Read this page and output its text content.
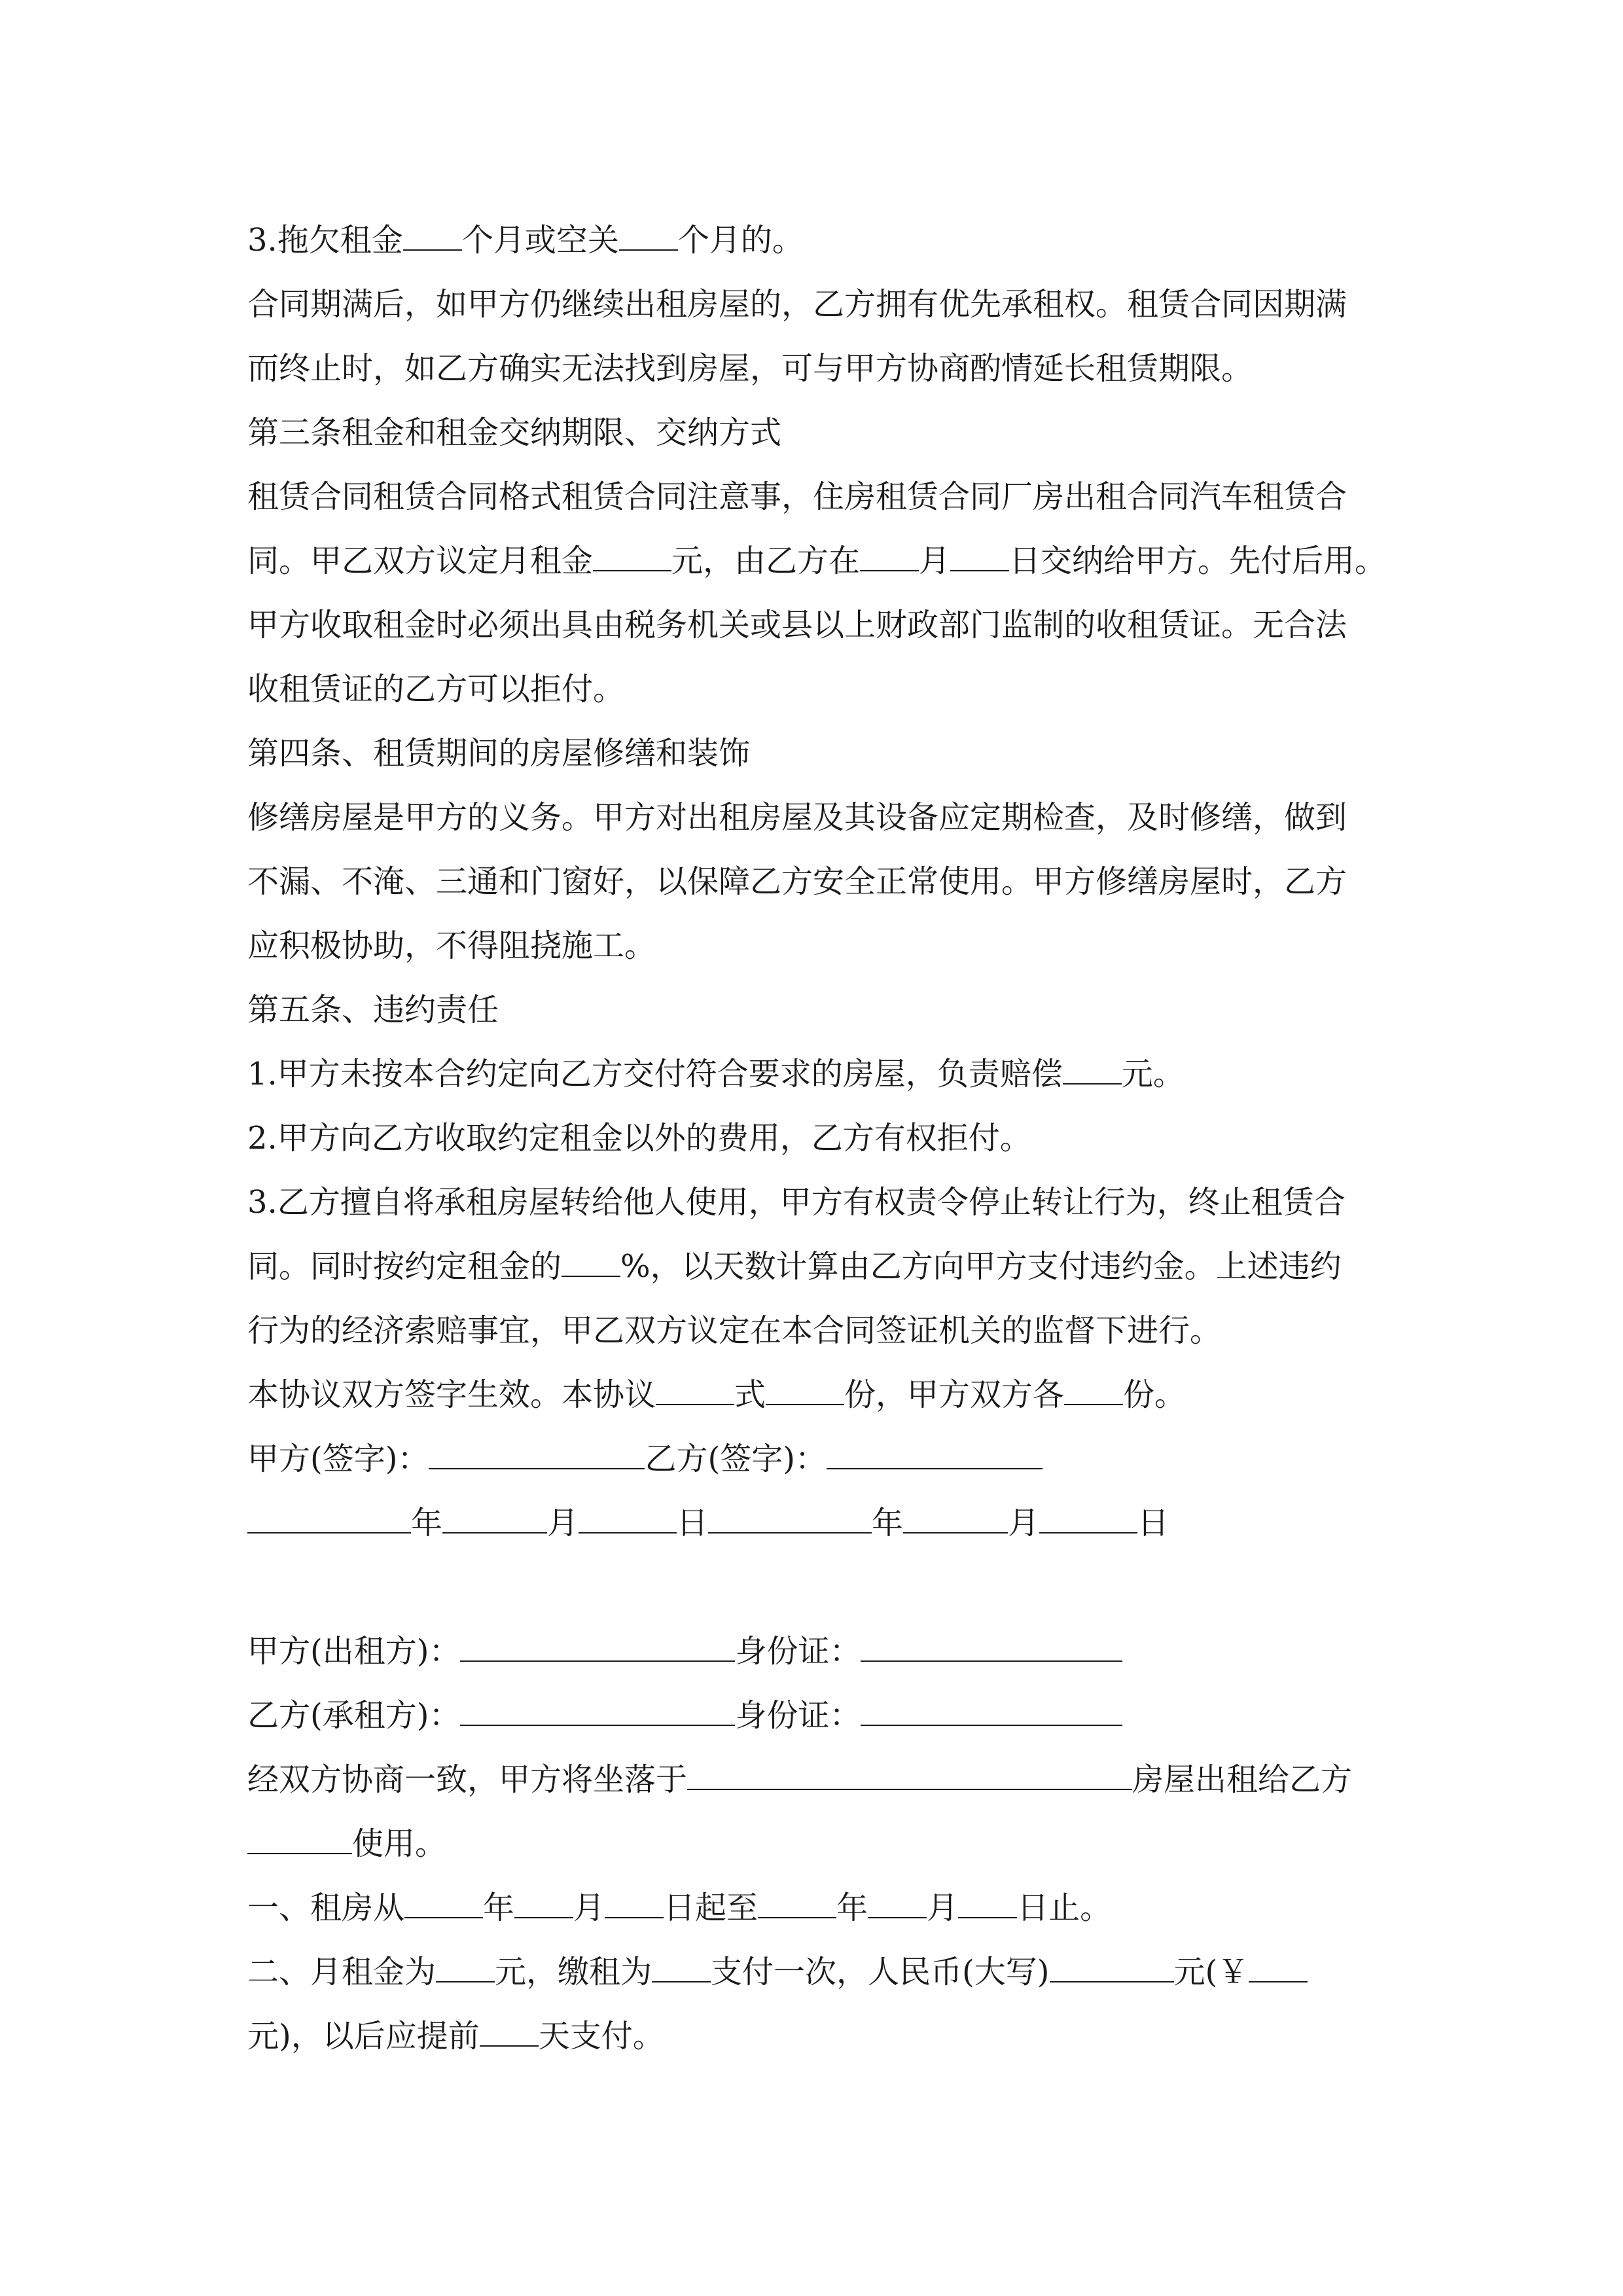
3.拖欠租金 个月或空关 个月的。
合同期满后，如甲方仍继续出租房屋的，乙方拥有优先承租权。租赁合同因期满
而终止时，如乙方确实无法找到房屋，可与甲方协商酌情延长租赁期限。
第三条租金和租金交纳期限、交纳方式
租赁合同租赁合同格式租赁合同注意事，住房租赁合同厂房出租合同汽车租赁合
同。甲乙双方议定月租金	元，由乙方在 月 日交纳给甲方。先付后用。
甲方收取租金时必须出具由税务机关或县以上财政部门监制的收租赁证。无合法
收租赁证的乙方可以拒付。
第四条、租赁期间的房屋修缮和装饰
修缮房屋是甲方的义务。甲方对出租房屋及其设备应定期检查，及时修缮，做到
不漏、不淹、三通和门窗好，以保障乙方安全正常使用。甲方修缮房屋时，乙方
应积极协助，不得阻挠施工。
第五条、违约责任
1.甲方未按本合约定向乙方交付符合要求的房屋，负责赔偿 元。
2.甲方向乙方收取约定租金以外的费用，乙方有权拒付。
3.乙方擅自将承租房屋转给他人使用，甲方有权责令停止转让行为，终止租赁合
同。同时按约定租金的 %，以天数计算由乙方向甲方支付违约金。上述违约
行为的经济索赔事宜，甲乙双方议定在本合同签证机关的监督下进行。
本协议双方签字生效。本协议	式	份，甲方双方各 份。
甲方(签字)：	乙方(签字)：
年	月	日	年	月	日
甲方(出租方)：	身份证：
乙方(承租方)：	身份证：
经双方协商一致，甲方将坐落于	房屋出租给乙方
使用。
一、租房从	年 月 日起至	年 月 日止。
二、月租金为 元，缴租为 支付一次，人民币(大写)	元(￥
元)，以后应提前 天支付。
